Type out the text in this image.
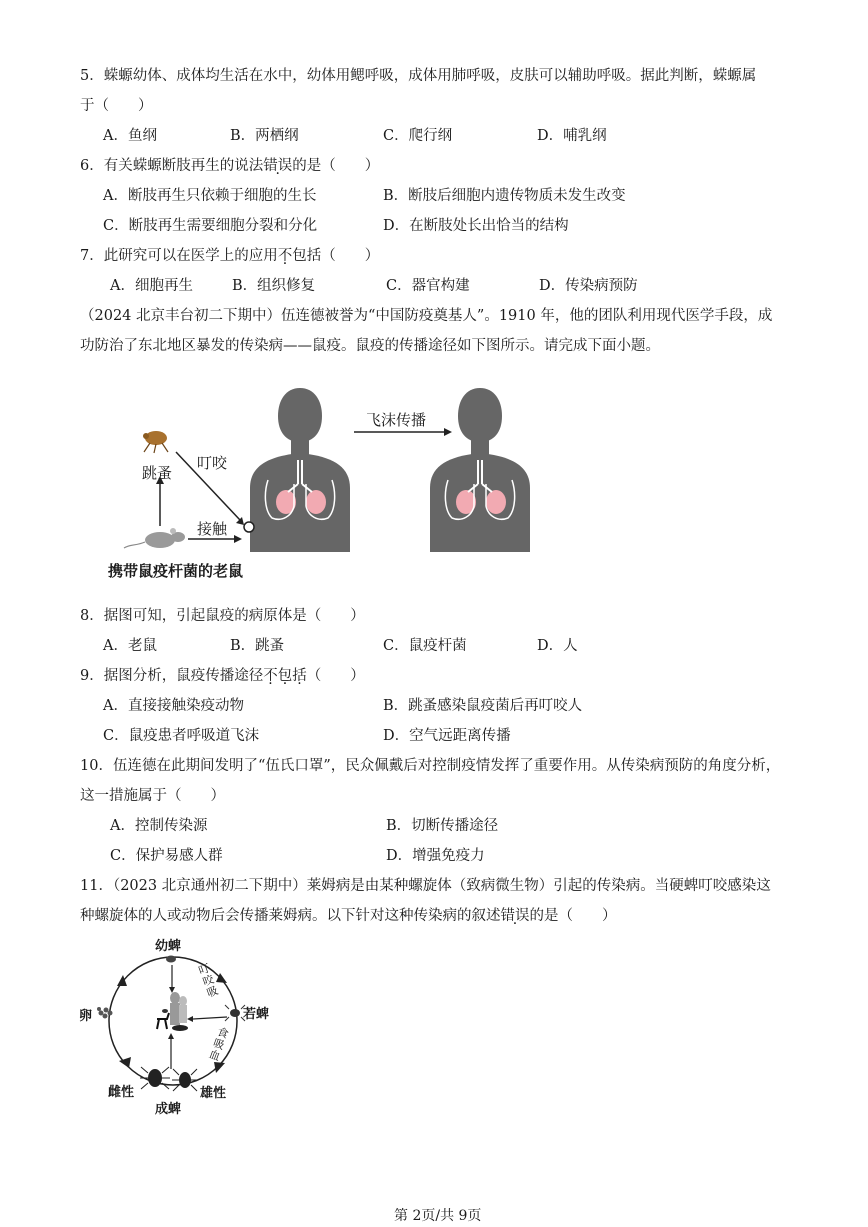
5．蝾螈幼体、成体均生活在水中，幼体用鳃呼吸，成体用肺呼吸，皮肤可以辅助呼吸。据此判断，蝾螈属
于（　　）
A．鱼纲	B．两栖纲	C．爬行纲	D．哺乳纲
6．有关蝾螈断肢再生的说法错误的是（　　）
A．断肢再生只依赖于细胞的生长	B．断肢后细胞内遗传物质未发生改变
C．断肢再生需要细胞分裂和分化	D．在断肢处长出恰当的结构
7．此研究可以在医学上的应用不包括（　　）
A．细胞再生	B．组织修复	C．器官构建	D．传染病预防
（2024 北京丰台初二下期中）伍连德被誉为“中国防疫奠基人”。1910 年，他的团队利用现代医学手段，成
功防治了东北地区暴发的传染病——鼠疫。鼠疫的传播途径如下图所示。请完成下面小题。
跳蚤
叮咬
接触
飞沫传播
携带鼠疫杆菌的老鼠
8．据图可知，引起鼠疫的病原体是（　　）
A．老鼠	B．跳蚤	C．鼠疫杆菌	D．人
9．据图分析，鼠疫传播途径不包括（　　）
A．直接接触染疫动物	B．跳蚤感染鼠疫菌后再叮咬人
C．鼠疫患者呼吸道飞沫	D．空气远距离传播
10．伍连德在此期间发明了“伍氏口罩”，民众佩戴后对控制疫情发挥了重要作用。从传染病预防的角度分析，
这一措施属于（　　）
A．控制传染源	B．切断传播途径
C．保护易感人群	D．增强免疫力
11．（2023 北京通州初二下期中）莱姆病是由某种螺旋体（致病微生物）引起的传染病。当硬蜱叮咬感染这
种螺旋体的人或动物后会传播莱姆病。以下针对这种传染病的叙述错误的是（　　）
幼蜱
若蜱
卵
雌性	雄性
成蜱
叮咬吸
食吸血
第 2页/共 9页
